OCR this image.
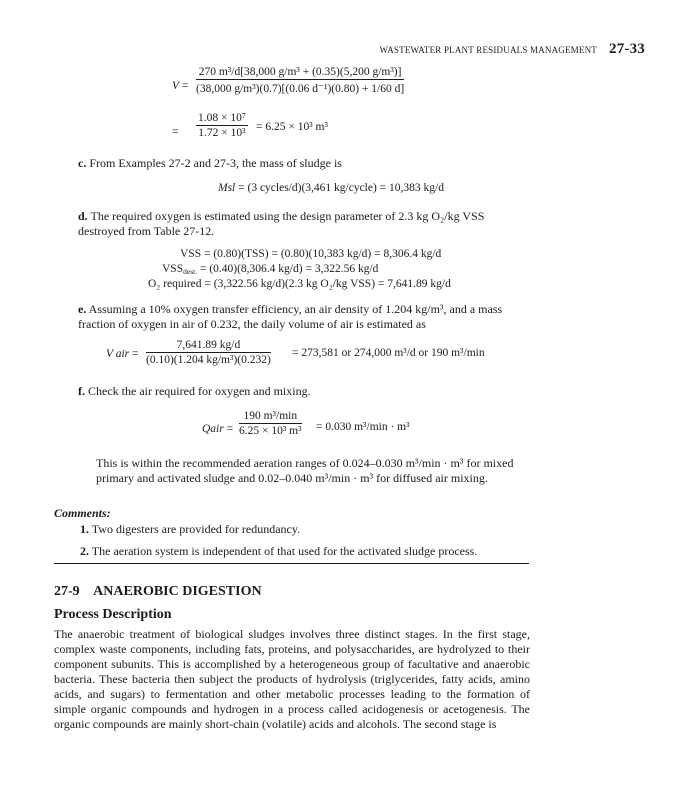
WASTEWATER PLANT RESIDUALS MANAGEMENT 27-33
$V = \frac{\text{270 m³/d[38,000 g/m³ + (0.35)(5,200 g/m³)]}}{\text{(38,000 g/m³)(0.7)[(0.06 d⁻¹)(0.80) + 1/60 d]}}$
= $\frac{\text{1.08 × 10⁷}}{\text{1.72 × 10³}} = 6.25 \times 10^3$ m³
c. From Examples 27-2 and 27-3, the mass of sludge is
Msl = (3 cycles/d)(3,461 kg/cycle) = 10,383 kg/d
d. The required oxygen is estimated using the design parameter of 2.3 kg O₂/kg VSS destroyed from Table 27-12.
VSS = (0.80)(TSS) = (0.80)(10,383 kg/d) = 8,306.4 kg/d
$VSS_{dest.} = (0.40)(8,306.4$ kg/d) = 3,322.56 kg/d
O₂ required = (3,322.56 kg/d)(2.3 kg O₂/kg VSS) = 7,641.89 kg/d
e. Assuming a 10% oxygen transfer efficiency, an air density of 1.204 kg/m³, and a mass fraction of oxygen in air of 0.232, the daily volume of air is estimated as
V air = $\frac{7,641.89 kg/d}{\text{(0.10)(1.204 kg/m³)(0.232)}} = 273,581$ or 274,000 m³/d or 190 m³/min
f. Check the air required for oxygen and mixing.
Qair =
190 m³/min
6.25 × 10³ m³ = 0.030 m³/min · m³
This is within the recommended aeration ranges of 0.024–0.030 m³/min · m³ for mixed primary and activated sludge and 0.02–0.040 m³/min · m³ for diffused air mixing.
Comments:
1. Two digesters are provided for redundancy.
2. The aeration system is independent of that used for the activated sludge process.
27-9 ANAEROBIC DIGESTION
Process Description
The anaerobic treatment of biological sludges involves three distinct stages. In the first stage, complex waste components, including fats, proteins, and polysaccharides, are hydrolyzed to their component subunits. This is accomplished by a heterogeneous group of facultative and anaerobic bacteria. These bacteria then subject the products of hydrolysis (triglycerides, fatty acids, amino acids, and sugars) to fermentation and other metabolic processes leading to the formation of simple organic compounds and hydrogen in a process called acidogenesis or acetogenesis. The organic compounds are mainly short-chain (volatile) acids and alcohols. The second stage is
